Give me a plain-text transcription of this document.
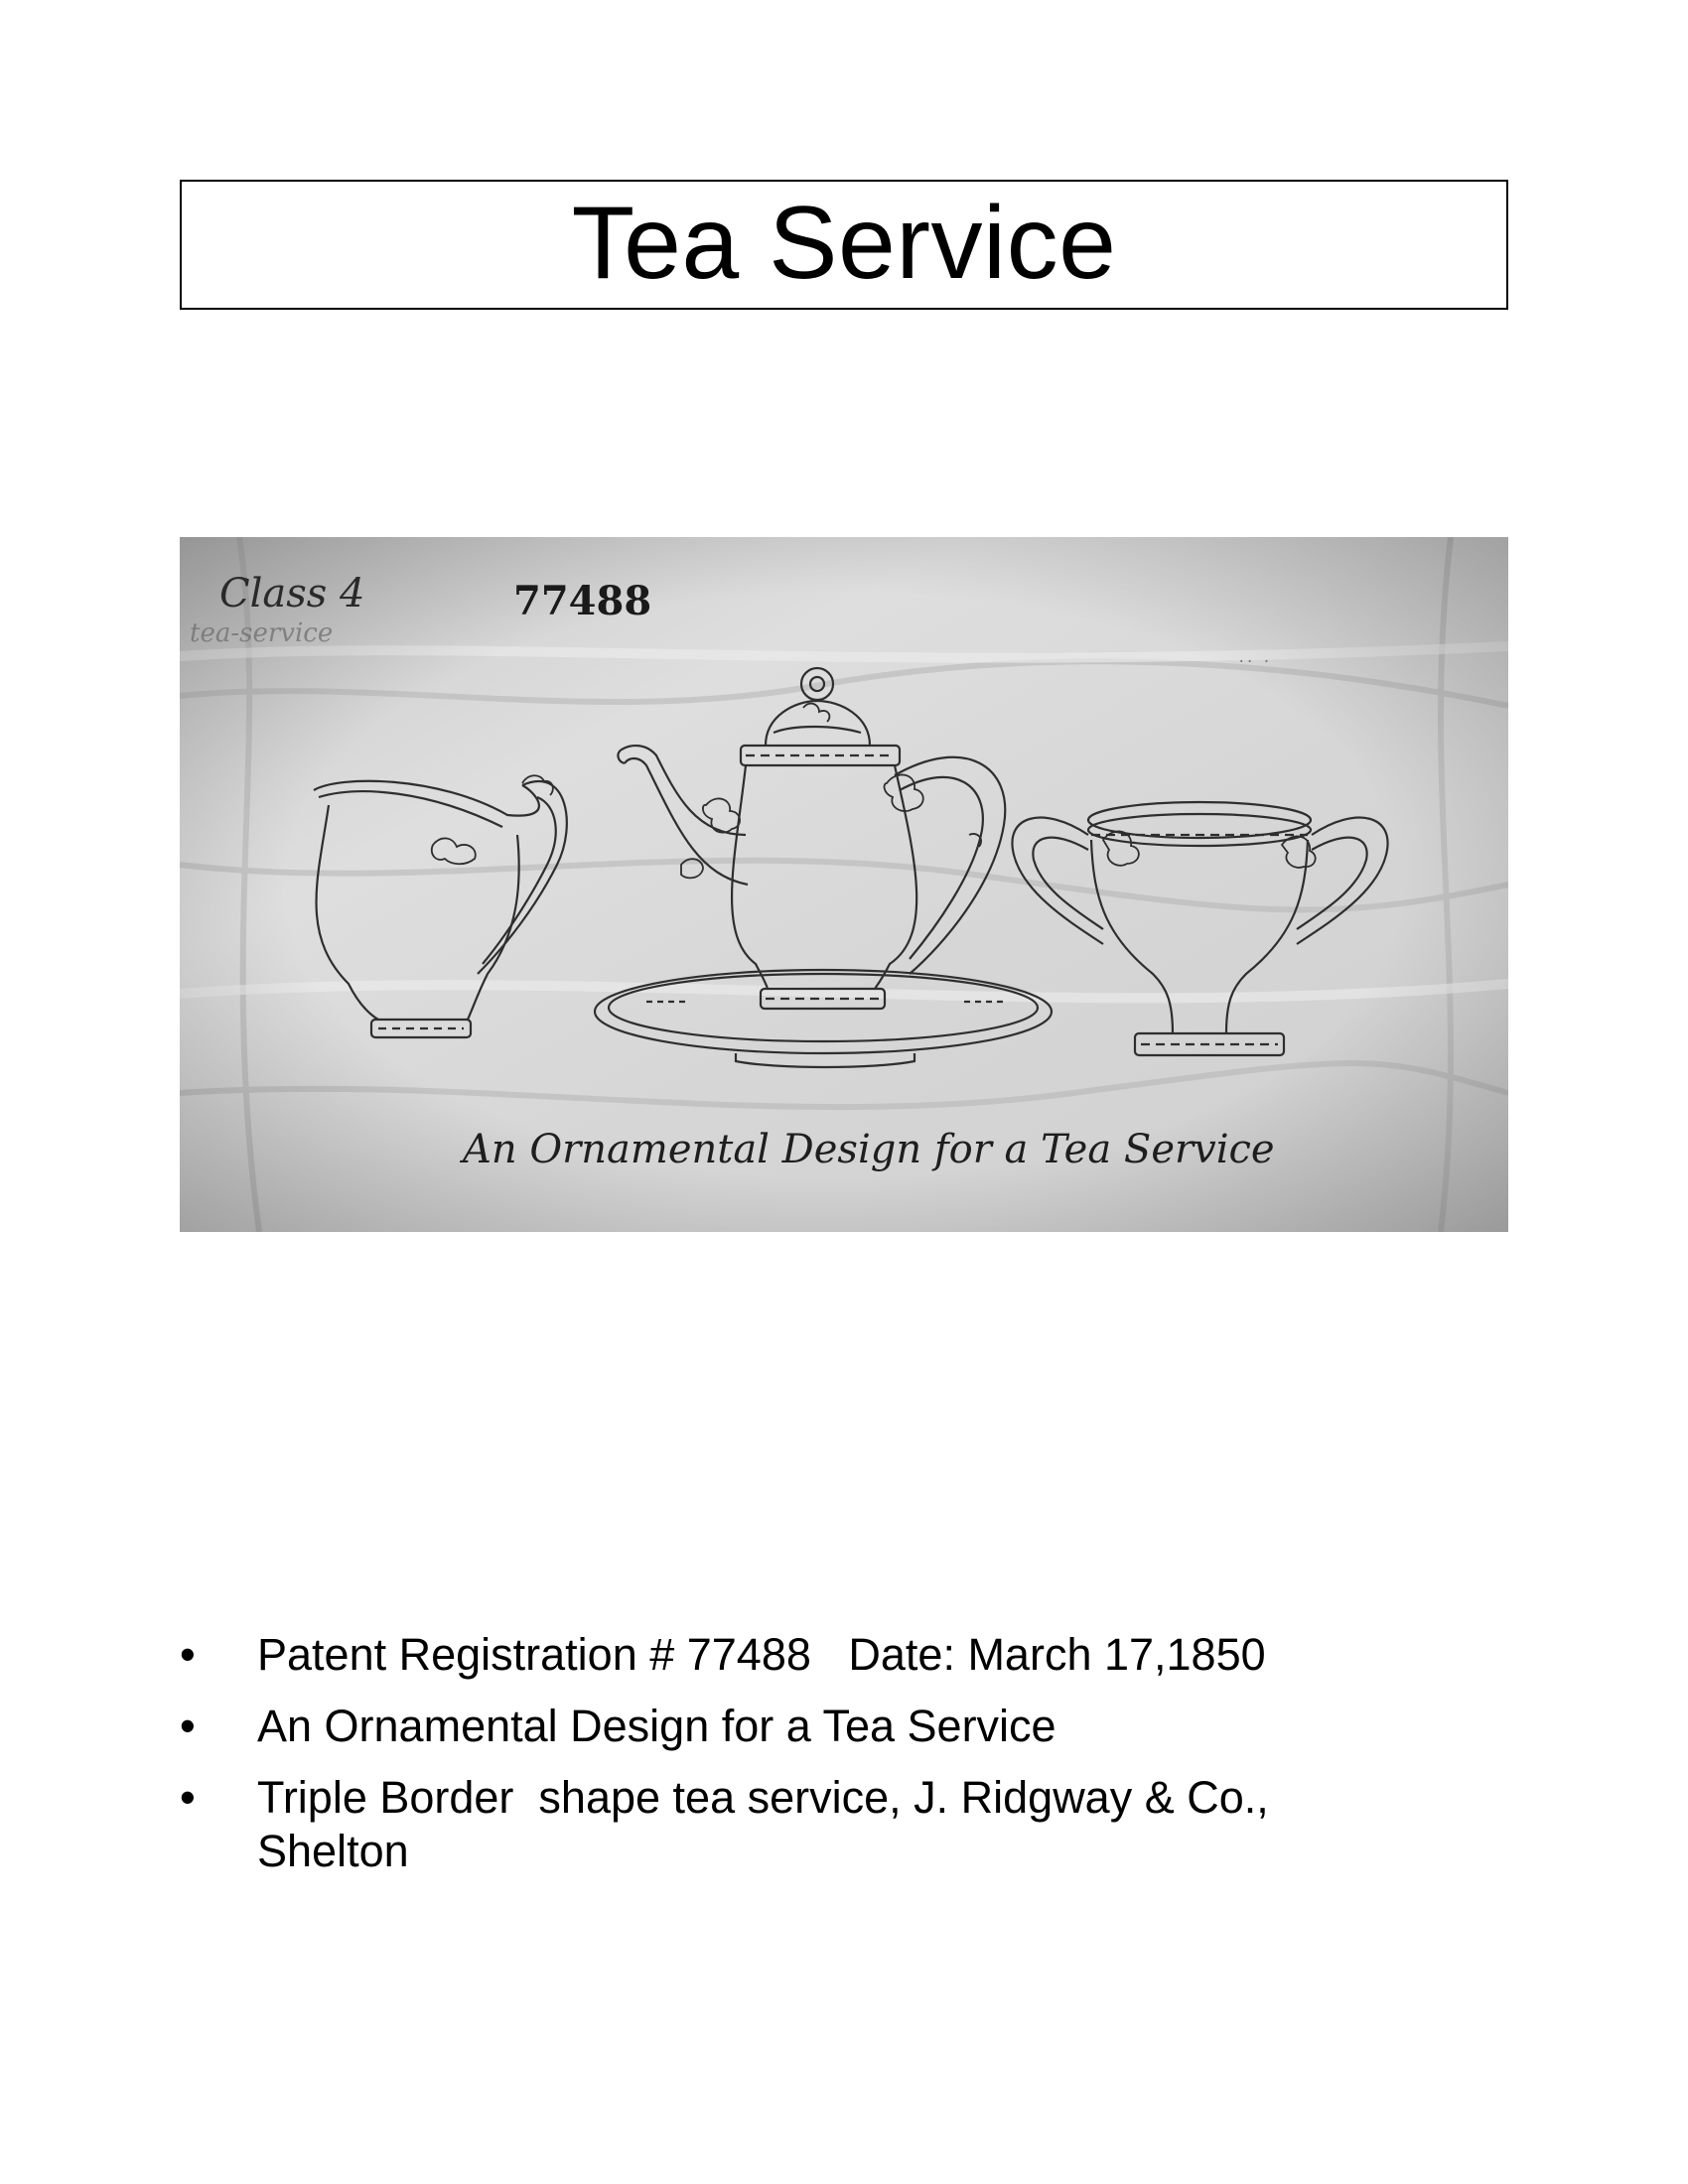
Tea Service
Class 4
tea-service
77488
·· ·
An Ornamental Design for a Tea Service
•	Patent Registration # 77488   Date: March 17,1850
•	An Ornamental Design for a Tea Service
•	Triple Border  shape tea service, J. Ridgway & Co., Shelton
